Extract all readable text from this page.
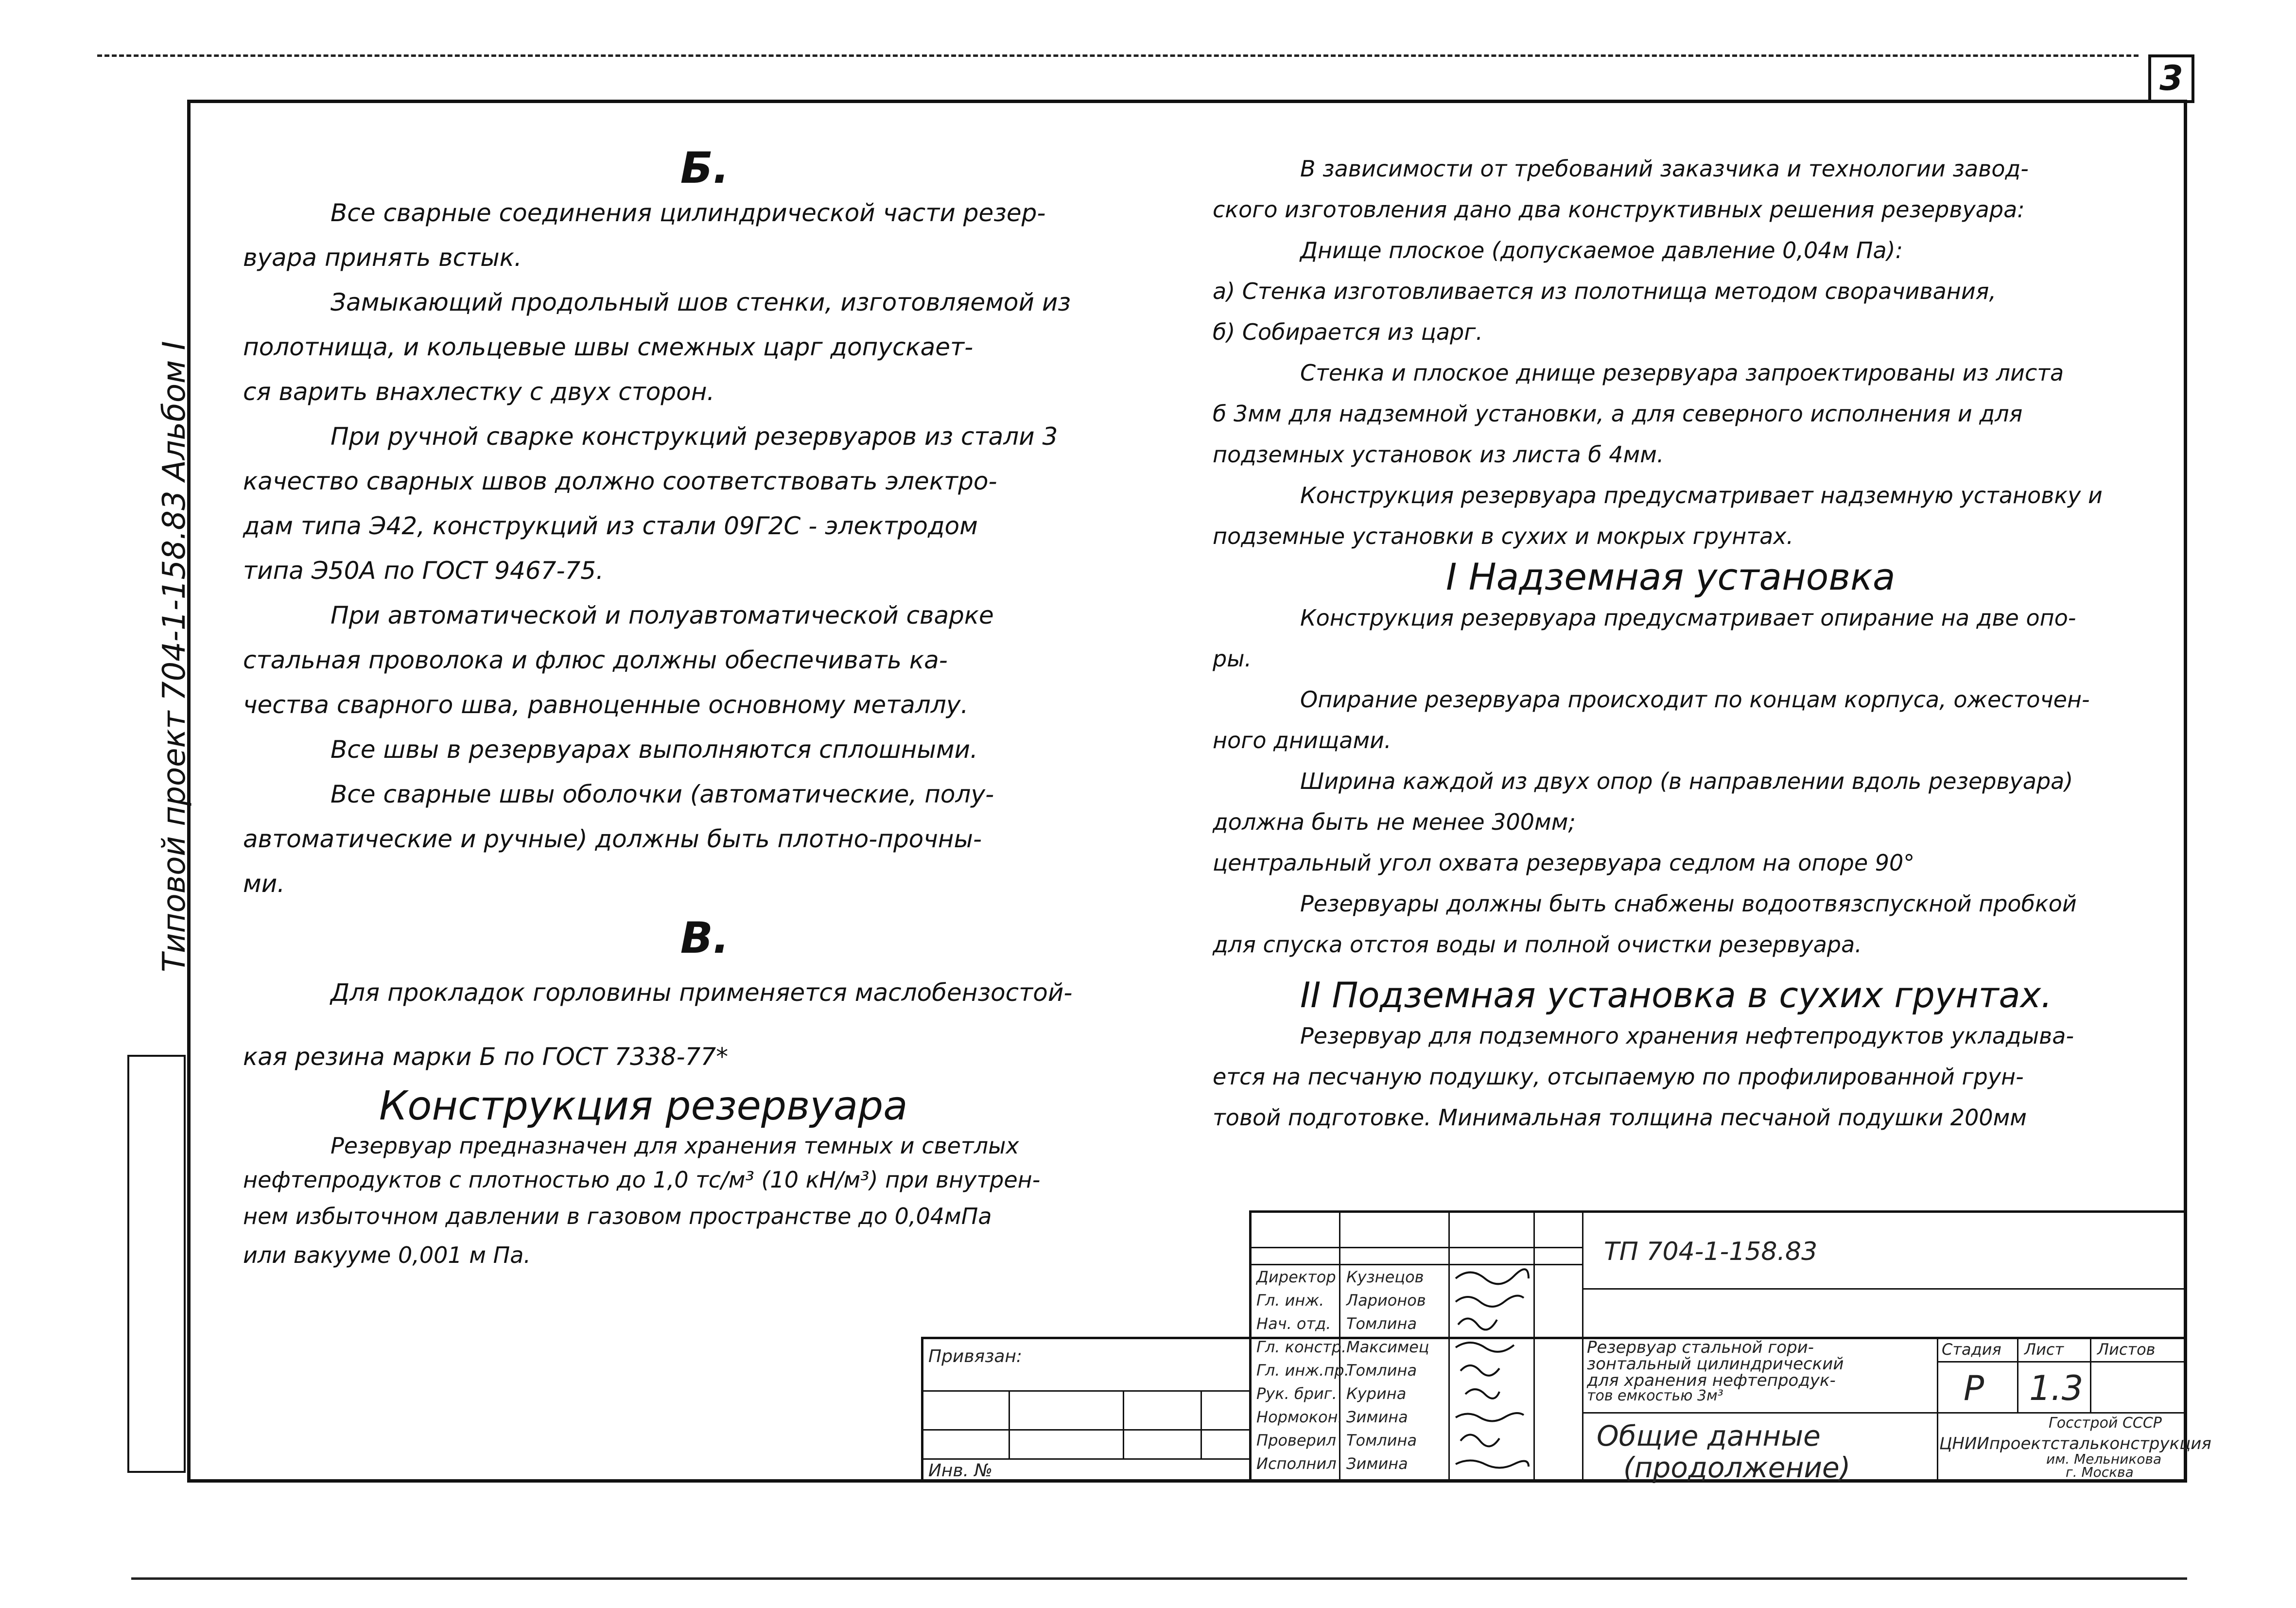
3
Альбом I
Типовой проект 704-1-158.83
Б.

Все сварные соединения цилиндрической части резер-

вуара принять встык.

Замыкающий продольный шов стенки, изготовляемой из

полотнища, и кольцевые швы смежных царг допускает-

ся варить внахлестку с двух сторон.

При ручной сварке конструкций резервуаров из стали 3

качество сварных швов должно соответствовать электро-

дам типа Э42, конструкций из стали 09Г2С - электродом

типа Э50А по ГОСТ 9467-75.

При автоматической и полуавтоматической сварке

стальная проволока и флюс должны обеспечивать ка-

чества сварного шва, равноценные основному металлу.

Все швы в резервуарах выполняются сплошными.

Все сварные швы оболочки (автоматические, полу-

автоматические и ручные) должны быть плотно-прочны-

ми.

В.

Для прокладок горловины применяется маслобензостой-

кая резина марки Б по ГОСТ 7338-77*

Конструкция резервуара

Резервуар предназначен для хранения темных и светлых

нефтепродуктов с плотностью до 1,0 тс/м³ (10 кН/м³) при внутрен-

нем избыточном давлении в газовом пространстве до 0,04мПа

или вакууме 0,001 м Па.

В зависимости от требований заказчика и технологии завод-

ского изготовления дано два конструктивных решения резервуара:

Днище плоское (допускаемое давление 0,04м Па):

а) Стенка изготовливается из полотнища методом сворачивания,

б) Собирается из царг.

Стенка и плоское днище резервуара запроектированы из листа

б 3мм для надземной установки, а для северного исполнения и для

подземных установок из листа б 4мм.

Конструкция резервуара предусматривает надземную установку и

подземные установки в сухих и мокрых грунтах.

I Надземная установка

Конструкция резервуара предусматривает опирание на две опо-

ры.

Опирание резервуара происходит по концам корпуса, ожесточен-

ного днищами.

Ширина каждой из двух опор (в направлении вдоль резервуара)

должна быть не менее 300мм;

центральный угол охвата резервуара седлом на опоре 90°

Резервуары должны быть снабжены водоотвязспускной пробкой

для спуска отстоя воды и полной очистки резервуара.

II Подземная установка в сухих грунтах.

Резервуар для подземного хранения нефтепродуктов укладыва-

ется на песчаную подушку, отсыпаемую по профилированной грун-

товой подготовке. Минимальная толщина песчаной подушки 200мм

Привязан:
Инв. №
Директор
Гл. инж.
Нач. отд.
Гл. констр.
Гл. инж.пр.
Рук. бриг.
Нормокон.
Проверил
Исполнил
Кузнецов
Ларионов
Томлина
Максимец
Томлина
Курина
Зимина
Томлина
Зимина
ТП 704-1-158.83
Резервуар стальной гори-
зонтальный цилиндрический
для хранения нефтепродук-
тов емкостью 3м³
Общие данные
(продолжение)
Стадия Лист Листов
Р 1.3
Госстрой СССР
ЦНИИпроектстальконструкция
им. Мельникова
г. Москва
